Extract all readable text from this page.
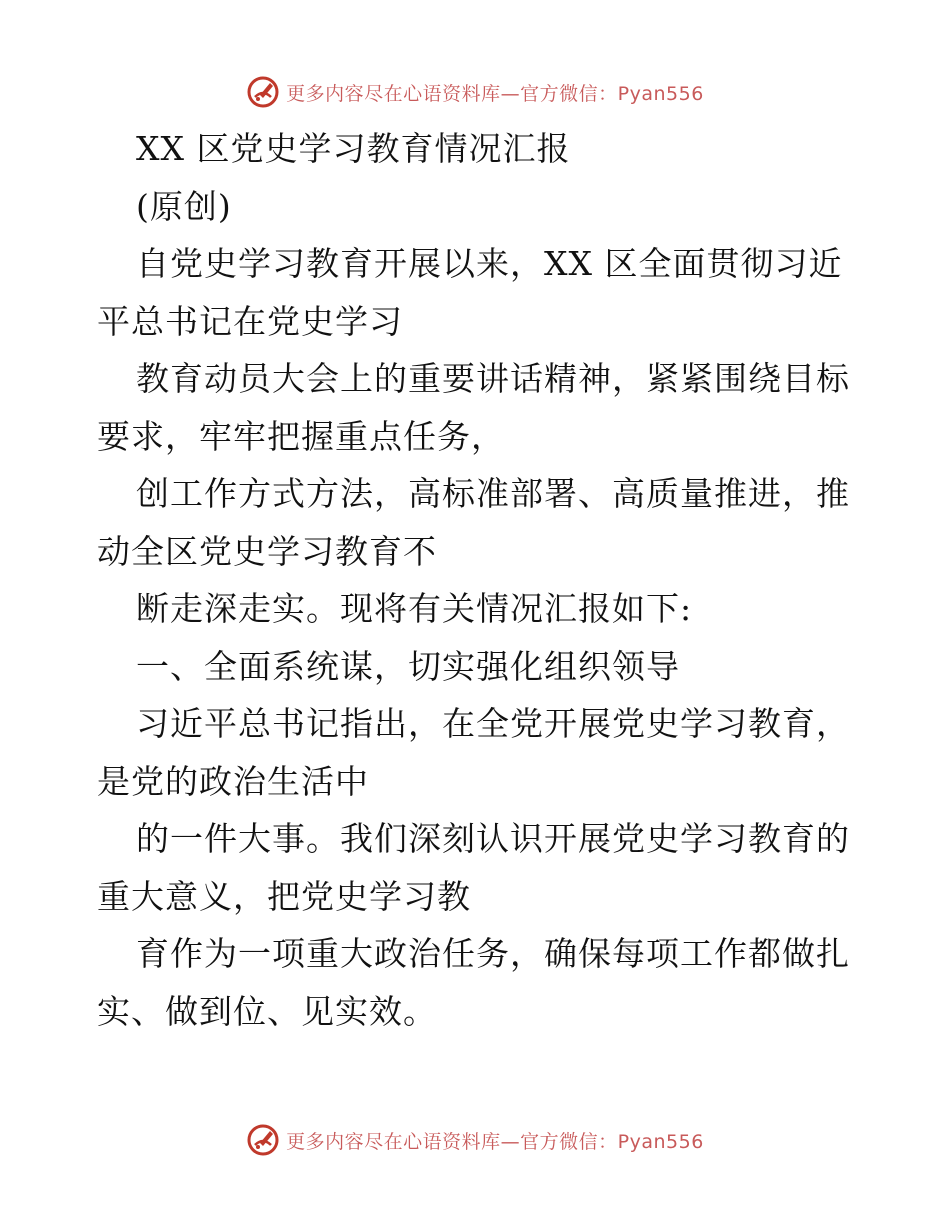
更多内容尽在心语资料库—官方微信：Pyan556
XX 区党史学习教育情况汇报
(原创)
自党史学习教育开展以来，XX 区全面贯彻习近
平总书记在党史学习
教育动员大会上的重要讲话精神，紧紧围绕目标
要求，牢牢把握重点任务，
创工作方式方法，高标准部署、高质量推进，推
动全区党史学习教育不
断走深走实。现将有关情况汇报如下:
一、全面系统谋，切实强化组织领导
习近平总书记指出，在全党开展党史学习教育，
是党的政治生活中
的一件大事。我们深刻认识开展党史学习教育的
重大意义，把党史学习教
育作为一项重大政治任务，确保每项工作都做扎
实、做到位、见实效。
更多内容尽在心语资料库—官方微信：Pyan556
